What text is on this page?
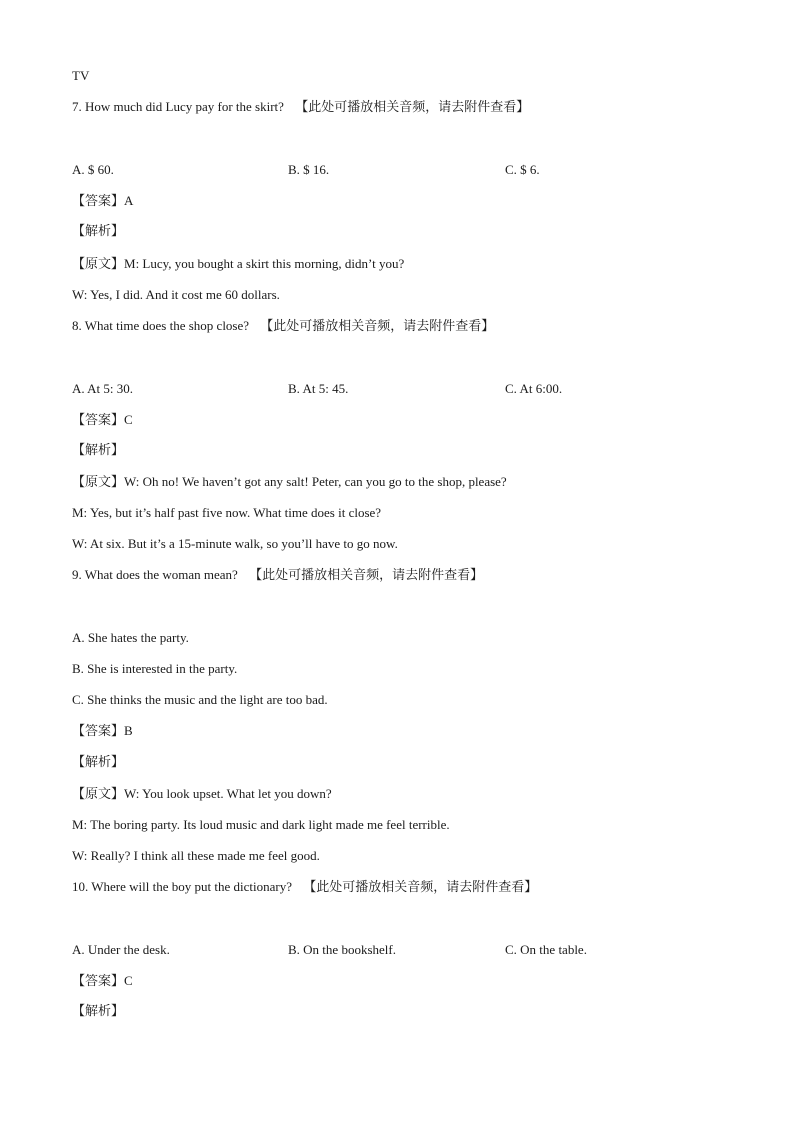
TV
7. How much did Lucy pay for the skirt? 【此处可播放相关音频，请去附件查看】
A. $ 60.	B. $ 16.	C. $ 6.
【答案】A
【解析】
【原文】M: Lucy, you bought a skirt this morning, didn’t you?
W: Yes, I did. And it cost me 60 dollars.
8. What time does the shop close? 【此处可播放相关音频，请去附件查看】
A. At 5: 30.	B. At 5: 45.	C. At 6:00.
【答案】C
【解析】
【原文】W: Oh no! We haven’t got any salt! Peter, can you go to the shop, please?
M: Yes, but it’s half past five now. What time does it close?
W: At six. But it’s a 15-minute walk, so you’ll have to go now.
9. What does the woman mean? 【此处可播放相关音频，请去附件查看】
A. She hates the party.
B. She is interested in the party.
C. She thinks the music and the light are too bad.
【答案】B
【解析】
【原文】W: You look upset. What let you down?
M: The boring party. Its loud music and dark light made me feel terrible.
W: Really? I think all these made me feel good.
10. Where will the boy put the dictionary? 【此处可播放相关音频，请去附件查看】
A. Under the desk.	B. On the bookshelf.	C. On the table.
【答案】C
【解析】
